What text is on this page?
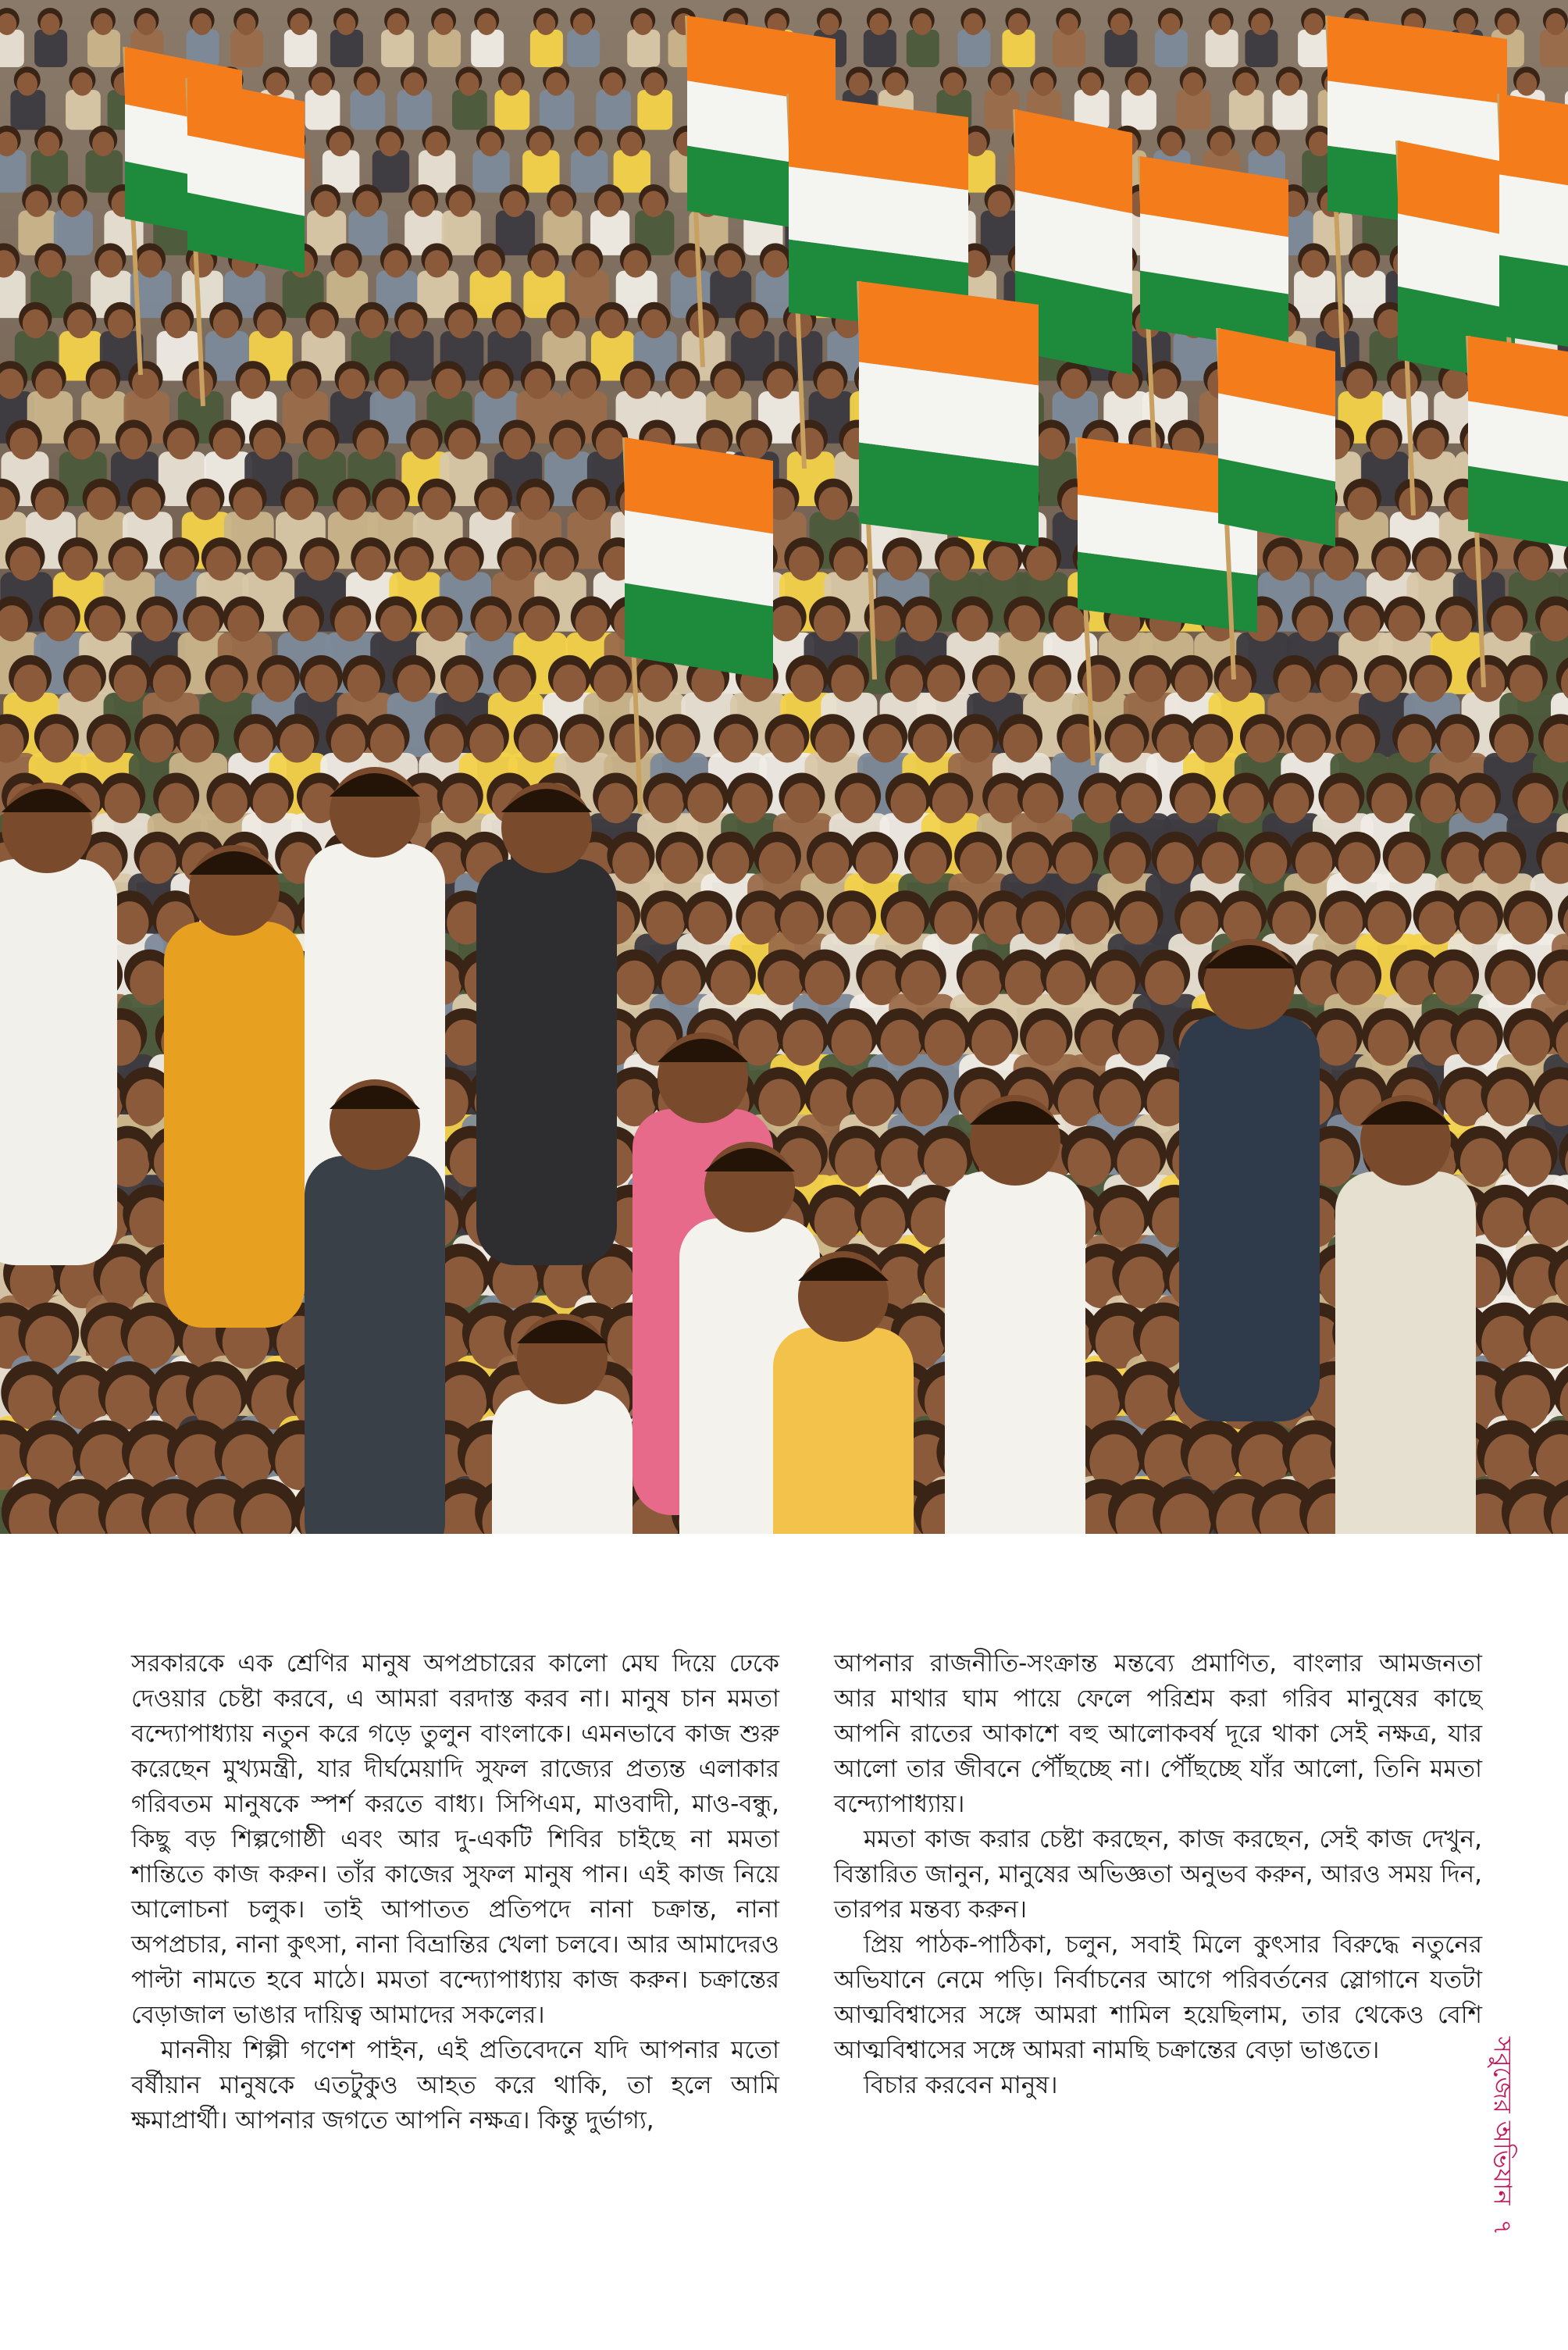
সরকারকে এক শ্রেণির মানুষ অপপ্রচারের কালো মেঘ দিয়ে ঢেকে দেওয়ার চেষ্টা করবে, এ আমরা বরদাস্ত করব না। মানুষ চান মমতা বন্দ্যোপাধ্যায় নতুন করে গড়ে তুলুন বাংলাকে। এমনভাবে কাজ শুরু করেছেন মুখ্যমন্ত্রী, যার দীর্ঘমেয়াদি সুফল রাজ্যের প্রত্যন্ত এলাকার গরিবতম মানুষকে স্পর্শ করতে বাধ্য। সিপিএম, মাওবাদী, মাও-বন্ধু, কিছু বড় শিল্পগোষ্ঠী এবং আর দু-একটি শিবির চাইছে না মমতা শান্তিতে কাজ করুন। তাঁর কাজের সুফল মানুষ পান। এই কাজ নিয়ে আলোচনা চলুক। তাই আপাতত প্রতিপদে নানা চক্রান্ত, নানা অপপ্রচার, নানা কুৎসা, নানা বিভ্রান্তির খেলা চলবে। আর আমাদেরও পাল্টা নামতে হবে মাঠে। মমতা বন্দ্যোপাধ্যায় কাজ করুন। চক্রান্তের বেড়াজাল ভাঙার দায়িত্ব আমাদের সকলের।

মাননীয় শিল্পী গণেশ পাইন, এই প্রতিবেদনে যদি আপনার মতো বর্ষীয়ান মানুষকে এতটুকুও আহত করে থাকি, তা হলে আমি ক্ষমাপ্রার্থী। আপনার জগতে আপনি নক্ষত্র। কিন্তু দুর্ভাগ্য,

আপনার রাজনীতি-সংক্রান্ত মন্তব্যে প্রমাণিত, বাংলার আমজনতা আর মাথার ঘাম পায়ে ফেলে পরিশ্রম করা গরিব মানুষের কাছে আপনি রাতের আকাশে বহু আলোকবর্ষ দূরে থাকা সেই নক্ষত্র, যার আলো তার জীবনে পৌঁছচ্ছে না। পৌঁছচ্ছে যাঁর আলো, তিনি মমতা বন্দ্যোপাধ্যায়।

মমতা কাজ করার চেষ্টা করছেন, কাজ করছেন, সেই কাজ দেখুন, বিস্তারিত জানুন, মানুষের অভিজ্ঞতা অনুভব করুন, আরও সময় দিন, তারপর মন্তব্য করুন।

প্রিয় পাঠক-পাঠিকা, চলুন, সবাই মিলে কুৎসার বিরুদ্ধে নতুনের অভিযানে নেমে পড়ি। নির্বাচনের আগে পরিবর্তনের স্লোগানে যতটা আত্মবিশ্বাসের সঙ্গে আমরা শামিল হয়েছিলাম, তার থেকেও বেশি আত্মবিশ্বাসের সঙ্গে আমরা নামছি চক্রান্তের বেড়া ভাঙতে।

বিচার করবেন মানুষ।	সবুজের অভিযান
৭
